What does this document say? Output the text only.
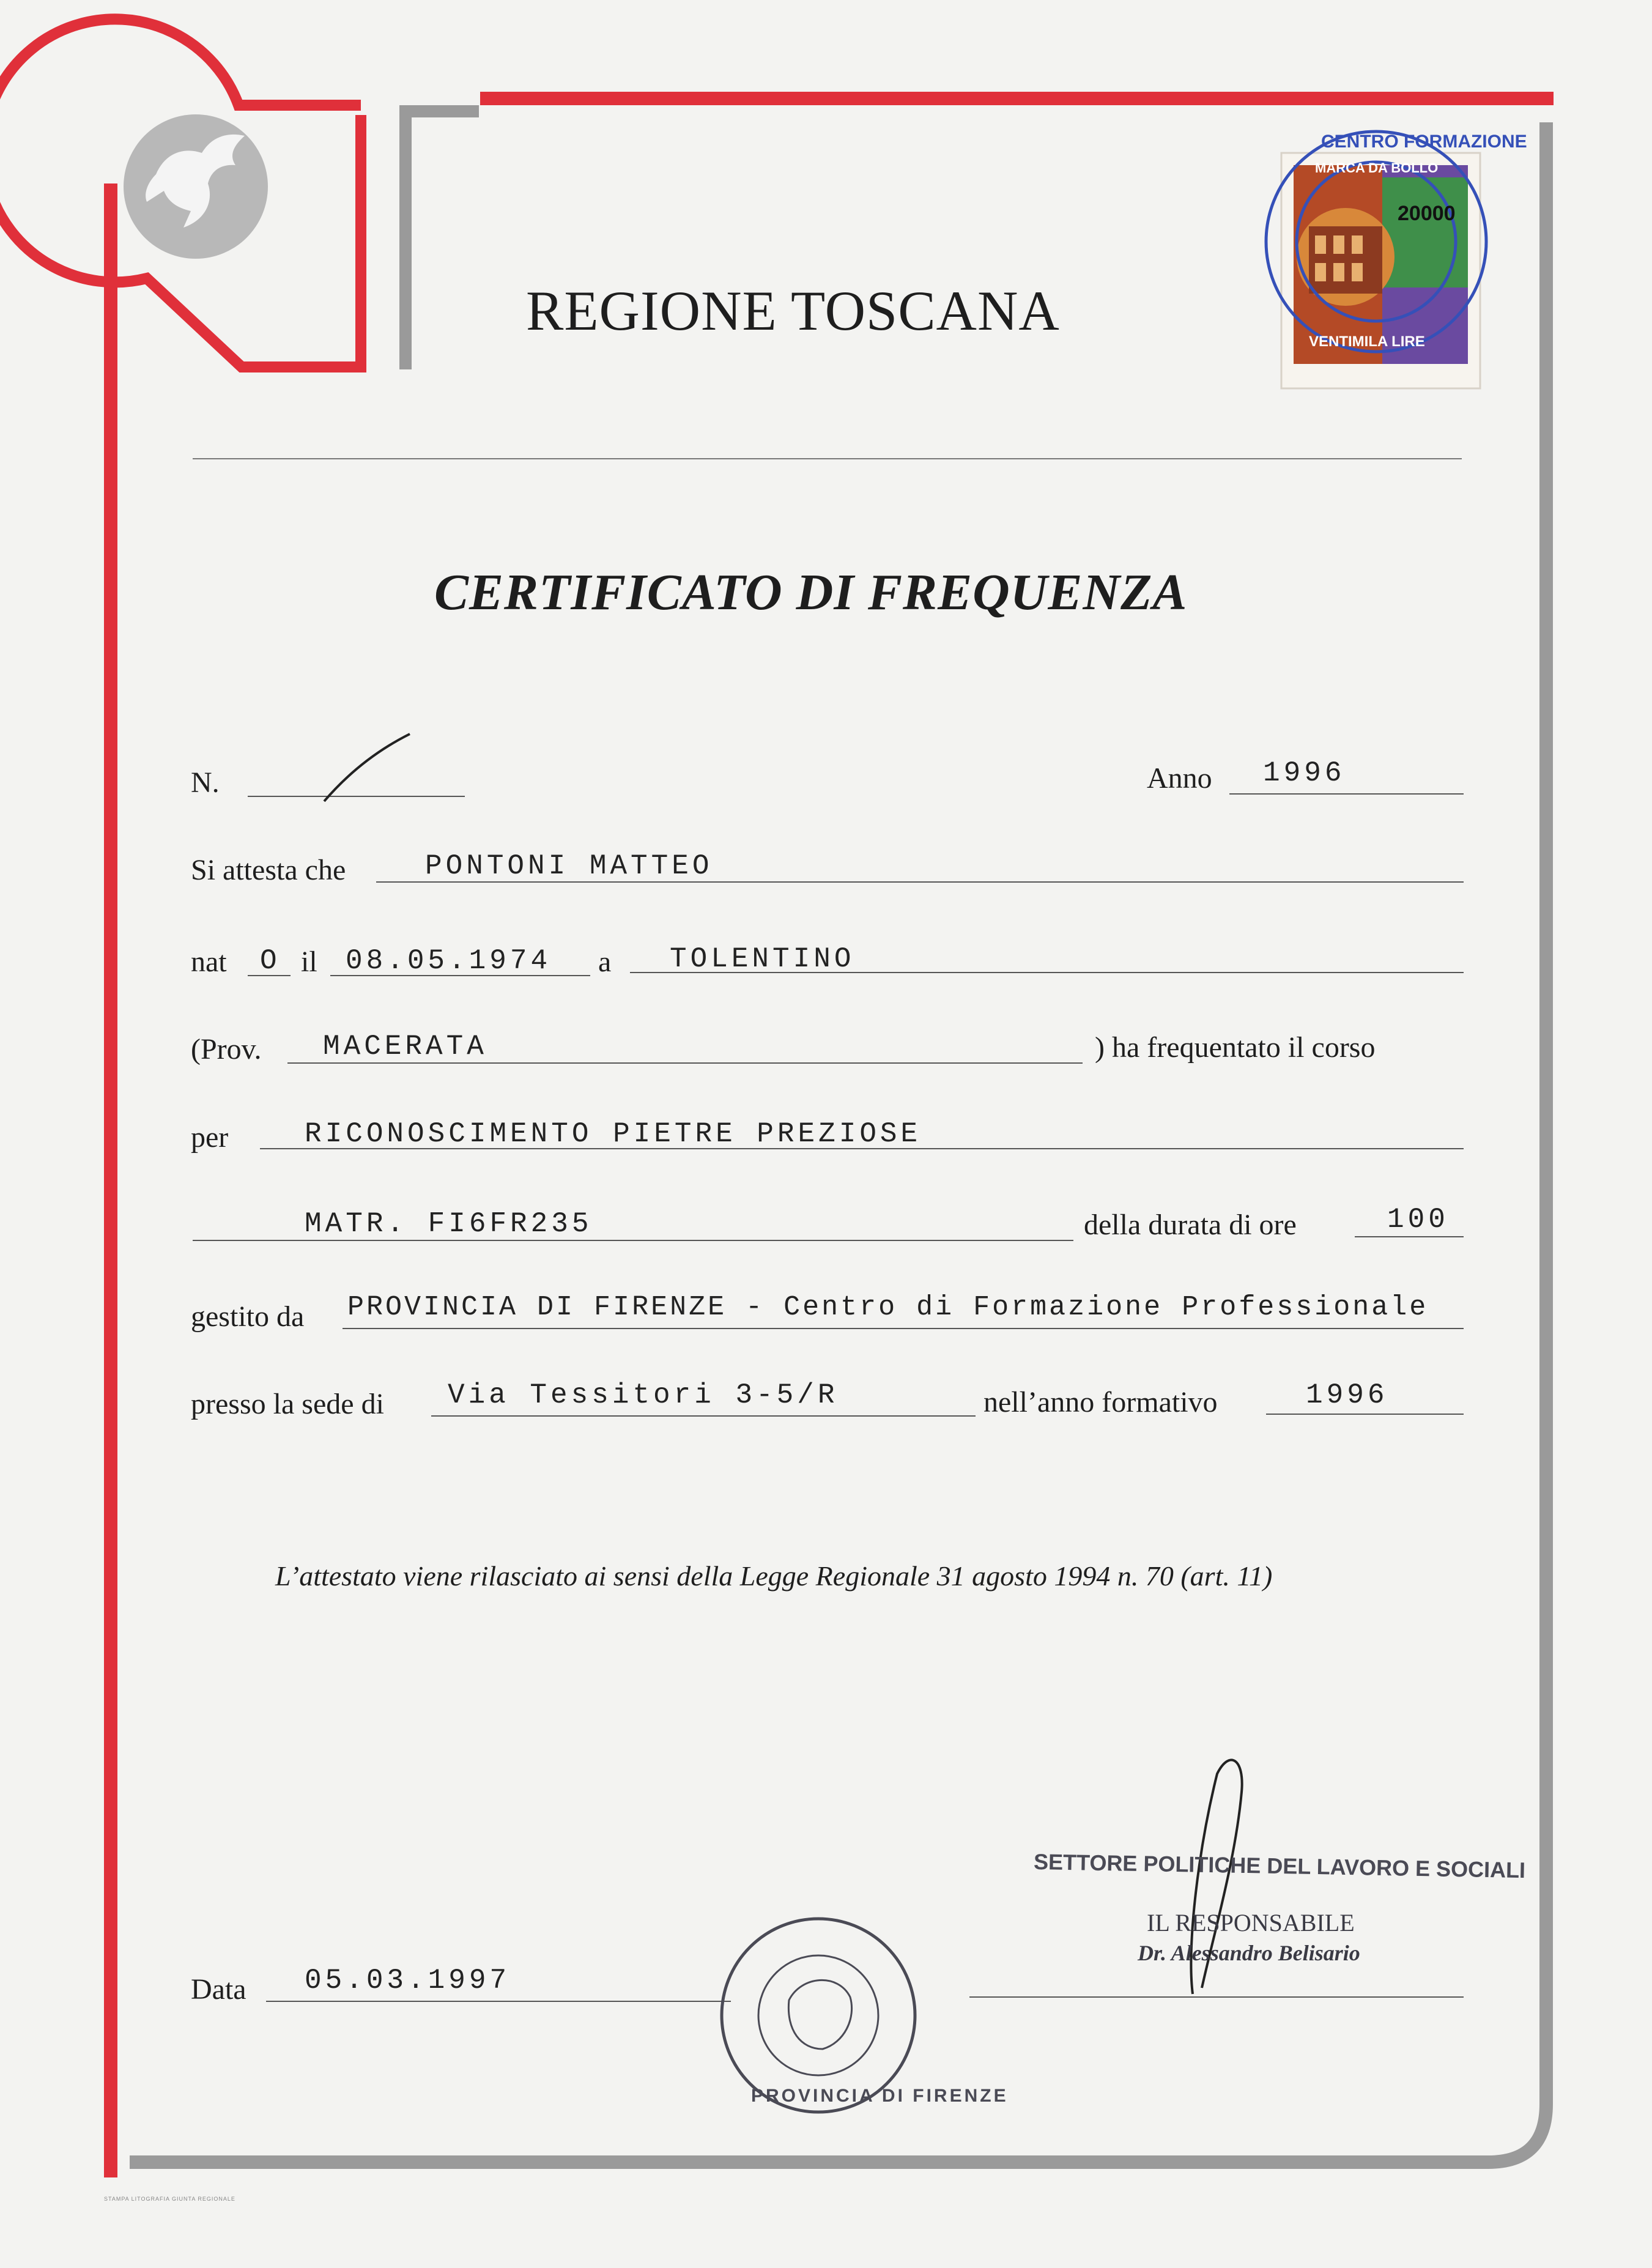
REGIONE TOSCANA
CERTIFICATO DI FREQUENZA
MARCA DA BOLLO
20000
VENTIMILA LIRE
CENTRO FORMAZIONE
N.	Anno 1996
Si attesta che	PONTONI MATTEO
nat O il 08.05.1974 a TOLENTINO
(Prov. MACERATA	) ha frequentato il corso
per	RICONOSCIMENTO PIETRE PREZIOSE
MATR. FI6FR235	della durata di ore	100
gestito da PROVINCIA DI FIRENZE - Centro di Formazione Professionale
presso la sede di Via Tessitori 3-5/R	nell’anno formativo	1996
L’attestato viene rilasciato ai sensi della Legge Regionale 31 agosto 1994 n. 70 (art. 11)
SETTORE POLITICHE DEL LAVORO E SOCIALI
IL RESPONSABILE
Dr. Alessandro Belisario
Data 05.03.1997
PROVINCIA DI FIRENZE
STAMPA LITOGRAFIA GIUNTA REGIONALE
